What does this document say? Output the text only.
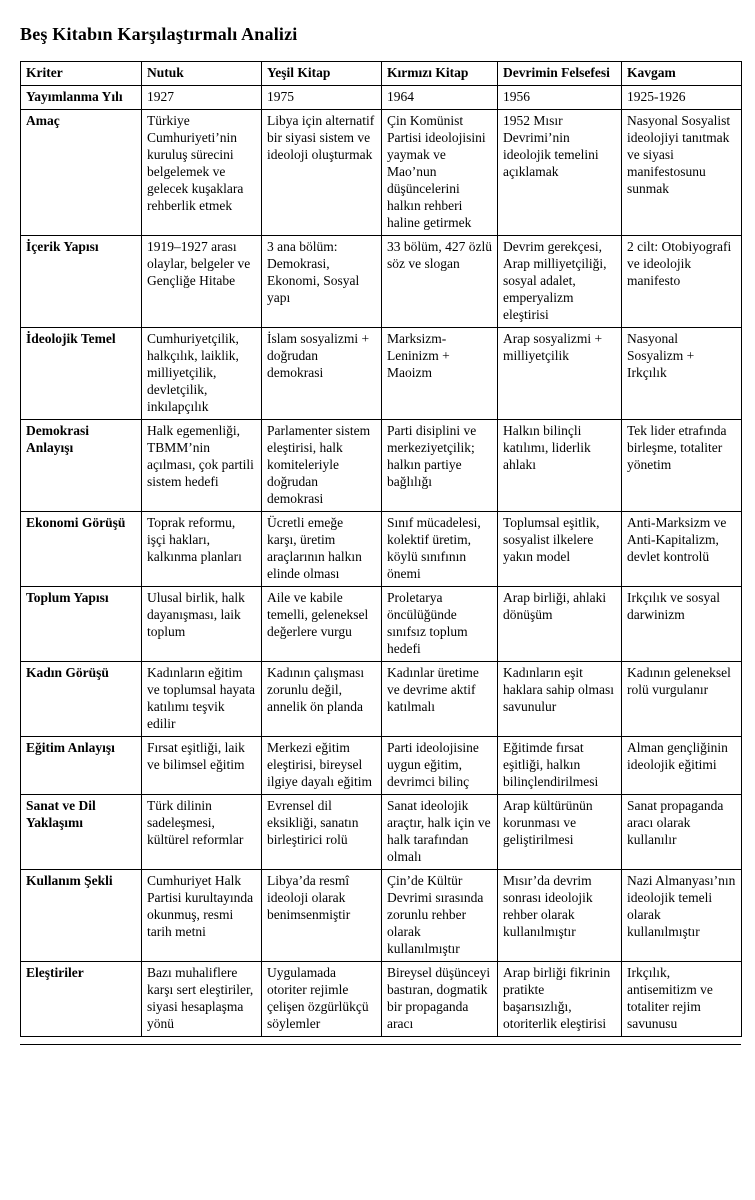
Beş Kitabın Karşılaştırmalı Analizi
Kriter	Nutuk	Yeşil Kitap	Kırmızı Kitap	Devrimin Felsefesi	Kavgam
Yayımlanma Yılı	1927	1975	1964	1956	1925-1926
Amaç	Türkiye Cumhuriyeti’nin kuruluş sürecini belgelemek ve gelecek kuşaklara rehberlik etmek	Libya için alternatif bir siyasi sistem ve ideoloji oluşturmak	Çin Komünist Partisi ideolojisini yaymak ve Mao’nun düşüncelerini halkın rehberi haline getirmek	1952 Mısır Devrimi’nin ideolojik temelini açıklamak	Nasyonal Sosyalist ideolojiyi tanıtmak ve siyasi manifestosunu sunmak
İçerik Yapısı	1919–1927 arası olaylar, belgeler ve Gençliğe Hitabe	3 ana bölüm: Demokrasi, Ekonomi, Sosyal yapı	33 bölüm, 427 özlü söz ve slogan	Devrim gerekçesi, Arap milliyetçiliği, sosyal adalet, emperyalizm eleştirisi	2 cilt: Otobiyografi ve ideolojik manifesto
İdeolojik Temel	Cumhuriyetçilik, halkçılık, laiklik, milliyetçilik, devletçilik, inkılapçılık	İslam sosyalizmi + doğrudan demokrasi	Marksizm-Leninizm + Maoizm	Arap sosyalizmi + milliyetçilik	Nasyonal Sosyalizm + Irkçılık
Demokrasi Anlayışı	Halk egemenliği, TBMM’nin açılması, çok partili sistem hedefi	Parlamenter sistem eleştirisi, halk komiteleriyle doğrudan demokrasi	Parti disiplini ve merkeziyetçilik; halkın partiye bağlılığı	Halkın bilinçli katılımı, liderlik ahlakı	Tek lider etrafında birleşme, totaliter yönetim
Ekonomi Görüşü	Toprak reformu, işçi hakları, kalkınma planları	Ücretli emeğe karşı, üretim araçlarının halkın elinde olması	Sınıf mücadelesi, kolektif üretim, köylü sınıfının önemi	Toplumsal eşitlik, sosyalist ilkelere yakın model	Anti-Marksizm ve Anti-Kapitalizm, devlet kontrolü
Toplum Yapısı	Ulusal birlik, halk dayanışması, laik toplum	Aile ve kabile temelli, geleneksel değerlere vurgu	Proletarya öncülüğünde sınıfsız toplum hedefi	Arap birliği, ahlaki dönüşüm	Irkçılık ve sosyal darwinizm
Kadın Görüşü	Kadınların eğitim ve toplumsal hayata katılımı teşvik edilir	Kadının çalışması zorunlu değil, annelik ön planda	Kadınlar üretime ve devrime aktif katılmalı	Kadınların eşit haklara sahip olması savunulur	Kadının geleneksel rolü vurgulanır
Eğitim Anlayışı	Fırsat eşitliği, laik ve bilimsel eğitim	Merkezi eğitim eleştirisi, bireysel ilgiye dayalı eğitim	Parti ideolojisine uygun eğitim, devrimci bilinç	Eğitimde fırsat eşitliği, halkın bilinçlendirilmesi	Alman gençliğinin ideolojik eğitimi
Sanat ve Dil Yaklaşımı	Türk dilinin sadeleşmesi, kültürel reformlar	Evrensel dil eksikliği, sanatın birleştirici rolü	Sanat ideolojik araçtır, halk için ve halk tarafından olmalı	Arap kültürünün korunması ve geliştirilmesi	Sanat propaganda aracı olarak kullanılır
Kullanım Şekli	Cumhuriyet Halk Partisi kurultayında okunmuş, resmi tarih metni	Libya’da resmî ideoloji olarak benimsenmiştir	Çin’de Kültür Devrimi sırasında zorunlu rehber olarak kullanılmıştır	Mısır’da devrim sonrası ideolojik rehber olarak kullanılmıştır	Nazi Almanyası’nın ideolojik temeli olarak kullanılmıştır
Eleştiriler	Bazı muhaliflere karşı sert eleştiriler, siyasi hesaplaşma yönü	Uygulamada otoriter rejimle çelişen özgürlükçü söylemler	Bireysel düşünceyi bastıran, dogmatik bir propaganda aracı	Arap birliği fikrinin pratikte başarısızlığı, otoriterlik eleştirisi	Irkçılık, antisemitizm ve totaliter rejim savunusu
